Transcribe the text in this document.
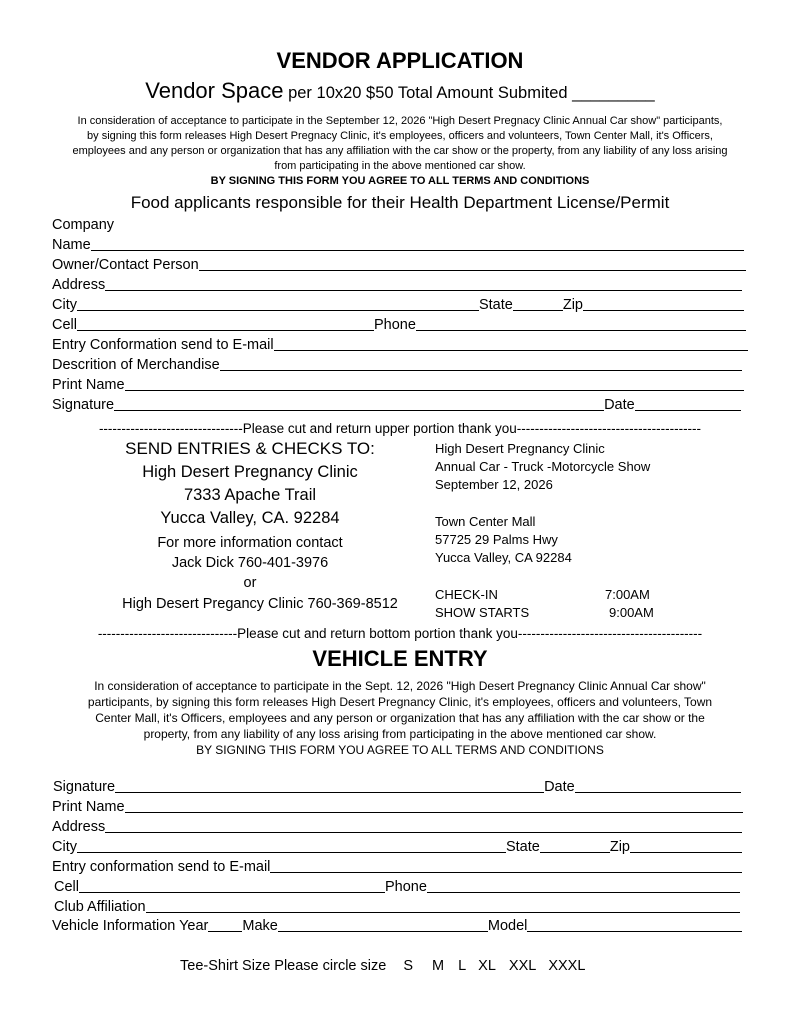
VENDOR APPLICATION
Vendor Space per 10x20 $50 Total Amount Submited _________
In consideration of acceptance to participate in the September 12, 2026 "High Desert Pregnacy Clinic Annual Car show" participants,
by signing this form releases High Desert Pregnacy Clinic, it's employees, officers and volunteers, Town Center Mall, it's Officers,
employees and any person or organization that has any affiliation with the car show or the property, from any liability of any loss arising
from participating in the above mentioned car show.
BY SIGNING THIS FORM YOU AGREE TO ALL TERMS AND CONDITIONS
Food applicants responsible for their Health Department License/Permit
Company
Name
Owner/Contact Person
Address
City	State	Zip
Cell	Phone
Entry Conformation send to E-mail
Descrition of Merchandise
Print Name
Signature	Date
--------------------------------Please cut and return upper portion thank you-----------------------------------------
SEND ENTRIES & CHECKS TO:
High Desert Pregnancy Clinic
7333 Apache Trail
Yucca Valley, CA. 92284
For more information contact
Jack Dick 760-401-3976
or
High Desert Pregancy Clinic 760-369-8512
High Desert Pregnancy Clinic
Annual Car - Truck -Motorcycle Show
September 12, 2026
Town Center Mall
57725 29 Palms Hwy
Yucca Valley, CA 92284
CHECK-IN	7:00AM
SHOW STARTS	9:00AM
-------------------------------Please cut and return bottom portion thank you-----------------------------------------
VEHICLE ENTRY
In consideration of acceptance to participate in the Sept. 12, 2026 "High Desert Pregnancy Clinic Annual Car show"
participants, by signing this form releases High Desert Pregnancy Clinic, it's employees, officers and volunteers, Town
Center Mall, it's Officers, employees and any person or organization that has any affiliation with the car show or the
property, from any liability of any loss arising from participating in the above mentioned car show.
BY SIGNING THIS FORM YOU AGREE TO ALL TERMS AND CONDITIONS
Signature	Date
Print Name
Address
City	State	Zip
Entry conformation send to E-mail
Cell	Phone
Club Affiliation
Vehicle Information Year Make	Model
Tee-Shirt Size Please circle size S M L XL XXL XXXL
